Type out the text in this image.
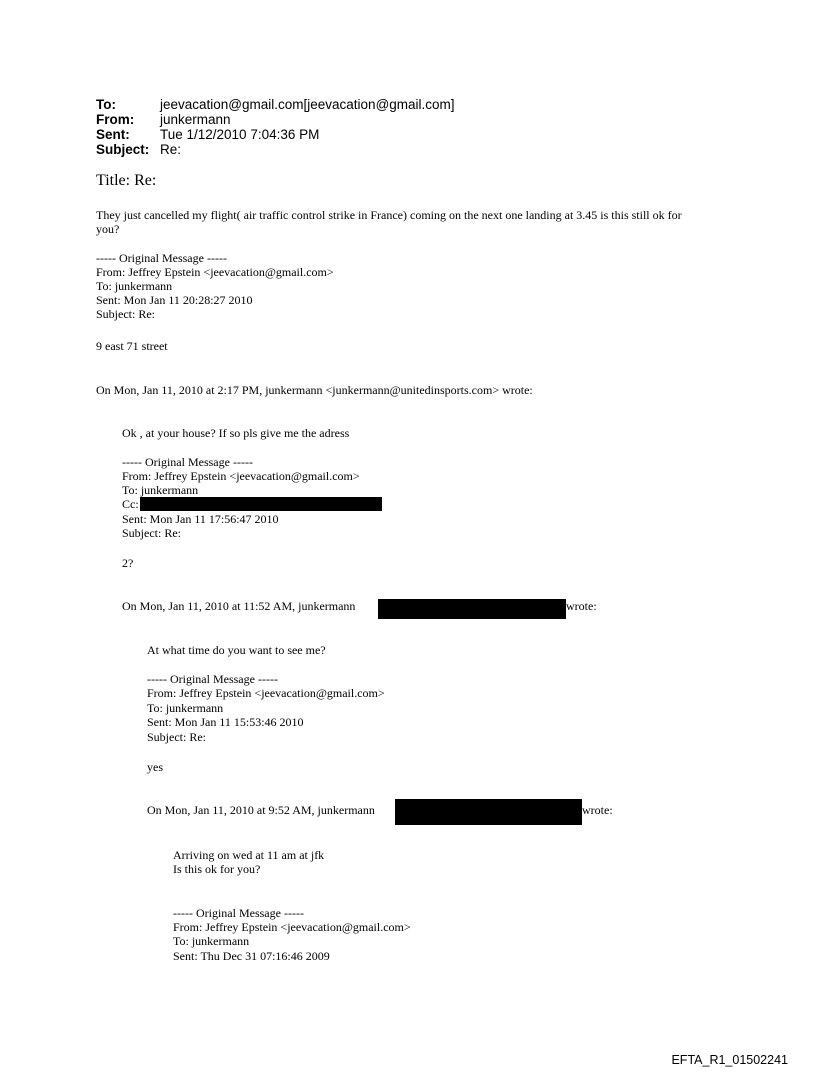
To:	jeevacation@gmail.com[jeevacation@gmail.com]
From:	junkermann
Sent:	Tue 1/12/2010 7:04:36 PM
Subject: Re:
Title: Re:
They just cancelled my flight( air traffic control strike in France) coming on the next one landing at 3.45 is this still ok for
you?
----- Original Message -----
From: Jeffrey Epstein <jeevacation@gmail.com>
To: junkermann
Sent: Mon Jan 11 20:28:27 2010
Subject: Re:
9 east 71 street
On Mon, Jan 11, 2010 at 2:17 PM, junkermann <junkermann@unitedinsports.com> wrote:
Ok , at your house? If so pls give me the adress
----- Original Message -----
From: Jeffrey Epstein <jeevacation@gmail.com>
To: junkermann
Cc:
Sent: Mon Jan 11 17:56:47 2010
Subject: Re:
2?
On Mon, Jan 11, 2010 at 11:52 AM, junkermann	wrote:
At what time do you want to see me?
----- Original Message -----
From: Jeffrey Epstein <jeevacation@gmail.com>
To: junkermann
Sent: Mon Jan 11 15:53:46 2010
Subject: Re:
yes
On Mon, Jan 11, 2010 at 9:52 AM, junkermann	wrote:
Arriving on wed at 11 am at jfk
Is this ok for you?
----- Original Message -----
From: Jeffrey Epstein <jeevacation@gmail.com>
To: junkermann
Sent: Thu Dec 31 07:16:46 2009
EFTA_R1_01502241
